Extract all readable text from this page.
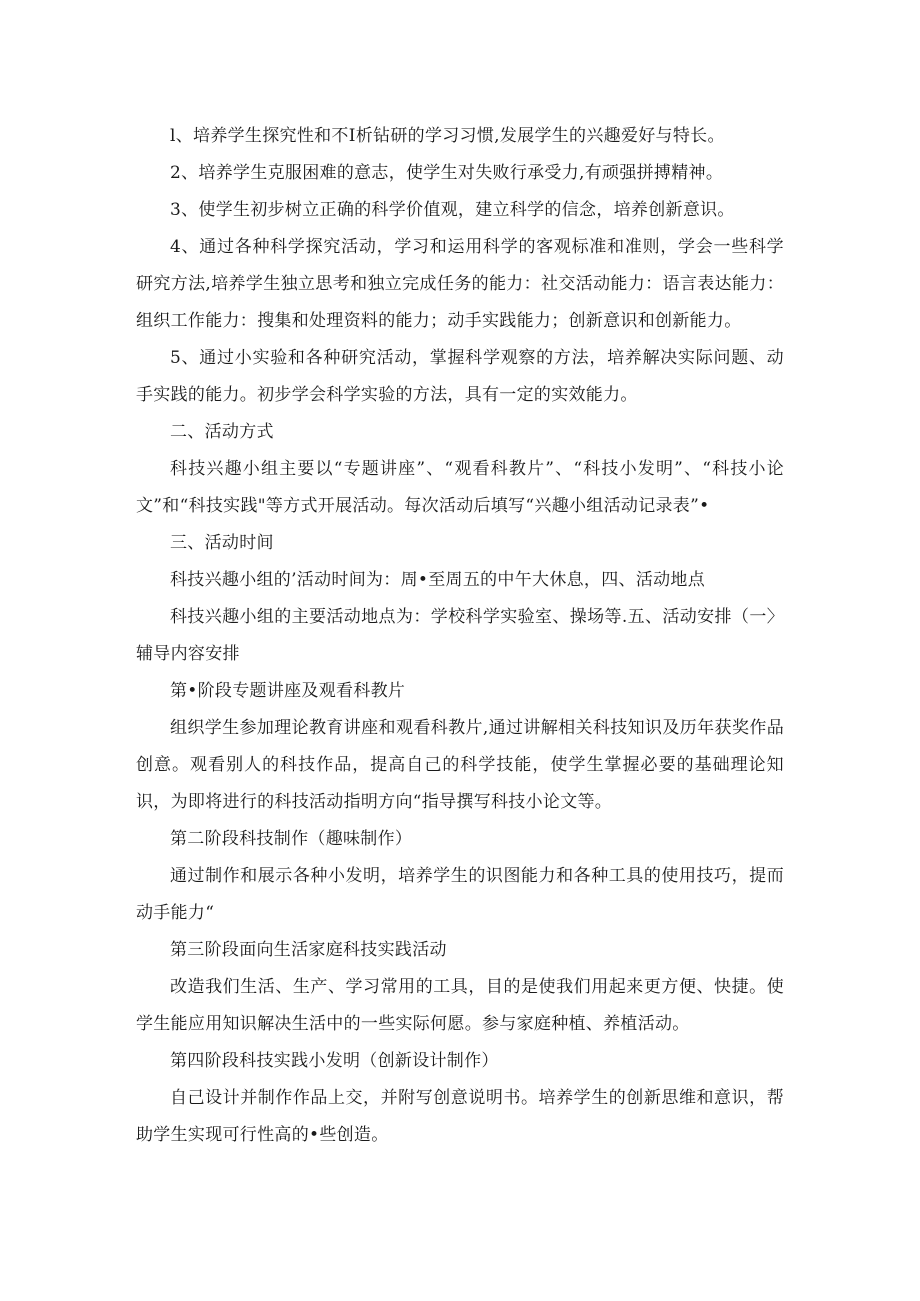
l、培养学生探究性和不I析钻研的学习习惯,发展学生的兴趣爱好与特长。

2、培养学生克服困难的意志，使学生对失败行承受力,有顽强拼搏精神。

3、使学生初步树立正确的科学价值观，建立科学的信念，培养创新意识。

4、通过各种科学探究活动，学习和运用科学的客观标准和准则，学会一些科学研究方法,培养学生独立思考和独立完成任务的能力：社交活动能力：语言表达能力：组织工作能力：搜集和处理资料的能力；动手实践能力；创新意识和创新能力。

5、通过小实验和各种研究活动，掌握科学观察的方法，培养解决实际问题、动手实践的能力。初步学会科学实验的方法，具有一定的实效能力。

二、活动方式

科技兴趣小组主要以“专题讲座”、“观看科教片”、“科技小发明”、“科技小论文”和“科技实践"等方式开展活动。每次活动后填写“兴趣小组活动记录表”•

三、活动时间

科技兴趣小组的’活动时间为：周•至周五的中午大休息，四、活动地点

科技兴趣小组的主要活动地点为：学校科学实验室、操场等.五、活动安排（一〉辅导内容安排

第•阶段专题讲座及观看科教片

组织学生参加理论教育讲座和观看科教片,通过讲解相关科技知识及历年获奖作品创意。观看别人的科技作品，提高自己的科学技能，使学生掌握必要的基础理论知识，为即将进行的科技活动指明方向“指导撰写科技小论文等。

第二阶段科技制作（趣味制作）

通过制作和展示各种小发明，培养学生的识图能力和各种工具的使用技巧，提而动手能力“

第三阶段面向生活家庭科技实践活动

改造我们生活、生产、学习常用的工具，目的是使我们用起来更方便、快捷。使学生能应用知识解决生活中的一些实际何愿。参与家庭种植、养植活动。

第四阶段科技实践小发明（创新设计制作）

自己设计并制作作品上交，并附写创意说明书。培养学生的创新思维和意识，帮助学生实现可行性高的•些创造。
